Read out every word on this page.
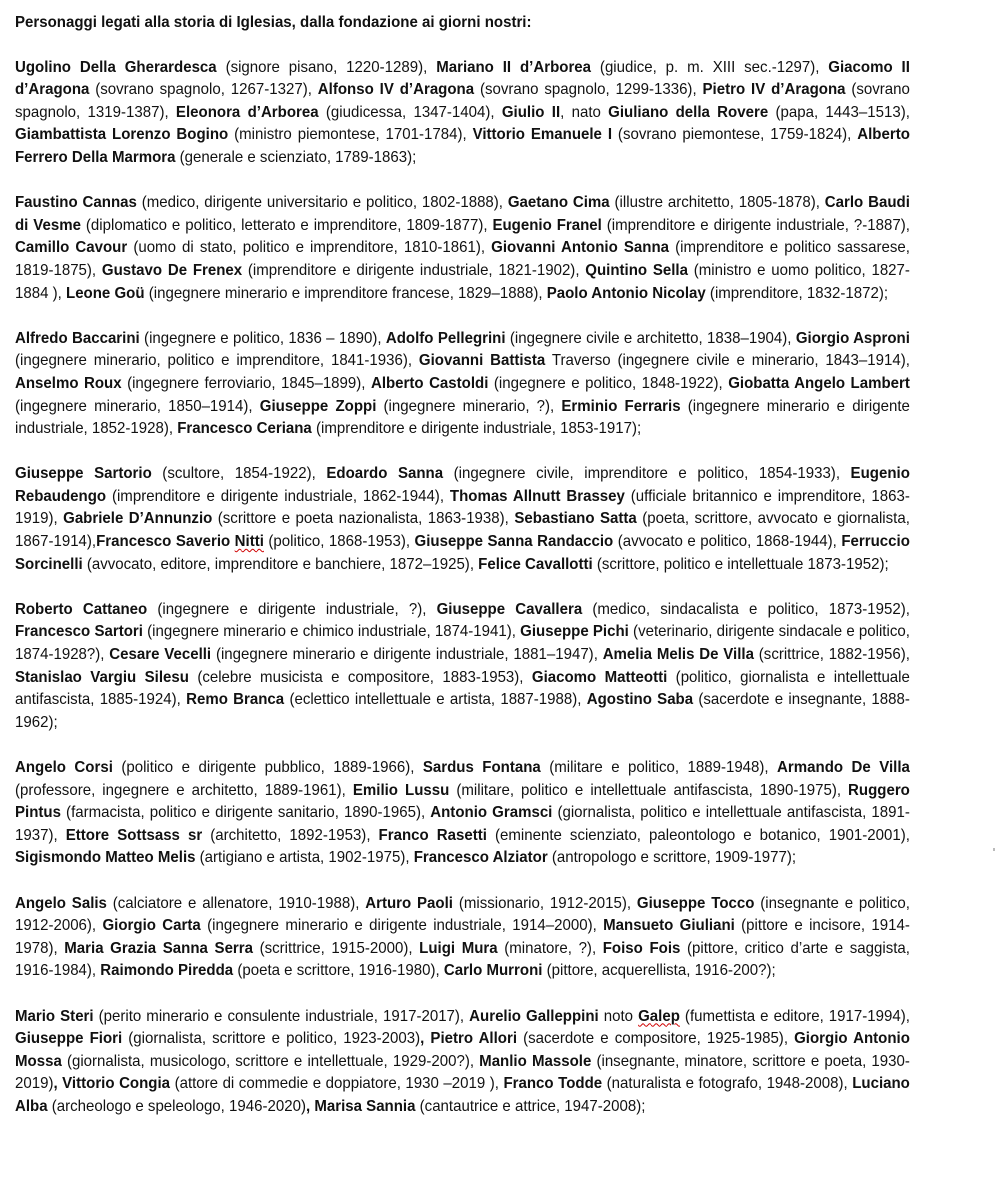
Personaggi legati alla storia di Iglesias, dalla fondazione ai giorni nostri:

Ugolino Della Gherardesca (signore pisano, 1220-1289), Mariano II d’Arborea (giudice, p. m. XIII sec.-1297), Giacomo II d’Aragona (sovrano spagnolo, 1267-1327), Alfonso IV d’Aragona (sovrano spagnolo, 1299-1336), Pietro IV d’Aragona (sovrano spagnolo, 1319-1387), Eleonora d’Arborea (giudicessa, 1347-1404), Giulio II, nato Giuliano della Rovere (papa, 1443–1513), Giambattista Lorenzo Bogino (ministro piemontese, 1701-1784), Vittorio Emanuele I (sovrano piemontese, 1759-1824), Alberto Ferrero Della Marmora (generale e scienziato, 1789-1863);

Faustino Cannas (medico, dirigente universitario e politico, 1802-1888), Gaetano Cima (illustre architetto, 1805-1878), Carlo Baudi di Vesme (diplomatico e politico, letterato e imprenditore, 1809-1877), Eugenio Franel (imprenditore e dirigente industriale, ?-1887), Camillo Cavour (uomo di stato, politico e imprenditore, 1810-1861), Giovanni Antonio Sanna (imprenditore e politico sassarese, 1819-1875), Gustavo De Frenex (imprenditore e dirigente industriale, 1821-1902), Quintino Sella (ministro e uomo politico, 1827-1884 ), Leone Goü (ingegnere minerario e imprenditore francese, 1829–1888), Paolo Antonio Nicolay (imprenditore, 1832-1872);

Alfredo Baccarini (ingegnere e politico, 1836 – 1890), Adolfo Pellegrini (ingegnere civile e architetto, 1838–1904), Giorgio Asproni (ingegnere minerario, politico e imprenditore, 1841-1936), Giovanni Battista Traverso (ingegnere civile e minerario, 1843–1914), Anselmo Roux (ingegnere ferroviario, 1845–1899), Alberto Castoldi (ingegnere e politico, 1848-1922), Giobatta Angelo Lambert (ingegnere minerario, 1850–1914), Giuseppe Zoppi (ingegnere minerario, ?), Erminio Ferraris (ingegnere minerario e dirigente industriale, 1852-1928), Francesco Ceriana (imprenditore e dirigente industriale, 1853-1917);

Giuseppe Sartorio (scultore, 1854-1922), Edoardo Sanna (ingegnere civile, imprenditore e politico, 1854-1933), Eugenio Rebaudengo (imprenditore e dirigente industriale, 1862-1944), Thomas Allnutt Brassey (ufficiale britannico e imprenditore, 1863-1919), Gabriele D’Annunzio (scrittore e poeta nazionalista, 1863-1938), Sebastiano Satta (poeta, scrittore, avvocato e giornalista, 1867-1914),Francesco Saverio Nitti (politico, 1868-1953), Giuseppe Sanna Randaccio (avvocato e politico, 1868-1944), Ferruccio Sorcinelli (avvocato, editore, imprenditore e banchiere, 1872–1925), Felice Cavallotti (scrittore, politico e intellettuale 1873-1952);

Roberto Cattaneo (ingegnere e dirigente industriale, ?), Giuseppe Cavallera (medico, sindacalista e politico, 1873-1952), Francesco Sartori (ingegnere minerario e chimico industriale, 1874-1941), Giuseppe Pichi (veterinario, dirigente sindacale e politico, 1874-1928?), Cesare Vecelli (ingegnere minerario e dirigente industriale, 1881–1947), Amelia Melis De Villa (scrittrice, 1882-1956), Stanislao Vargiu Silesu (celebre musicista e compositore, 1883-1953), Giacomo Matteotti (politico, giornalista e intellettuale antifascista, 1885-1924), Remo Branca (eclettico intellettuale e artista, 1887-1988), Agostino Saba (sacerdote e insegnante, 1888-1962);

Angelo Corsi (politico e dirigente pubblico, 1889-1966), Sardus Fontana (militare e politico, 1889-1948), Armando De Villa (professore, ingegnere e architetto, 1889-1961), Emilio Lussu (militare, politico e intellettuale antifascista, 1890-1975), Ruggero Pintus (farmacista, politico e dirigente sanitario, 1890-1965), Antonio Gramsci (giornalista, politico e intellettuale antifascista, 1891-1937), Ettore Sottsass sr (architetto, 1892-1953), Franco Rasetti (eminente scienziato, paleontologo e botanico, 1901-2001), Sigismondo Matteo Melis (artigiano e artista, 1902-1975), Francesco Alziator (antropologo e scrittore, 1909-1977);

Angelo Salis (calciatore e allenatore, 1910-1988), Arturo Paoli (missionario, 1912-2015), Giuseppe Tocco (insegnante e politico, 1912-2006), Giorgio Carta (ingegnere minerario e dirigente industriale, 1914–2000), Mansueto Giuliani (pittore e incisore, 1914-1978), Maria Grazia Sanna Serra (scrittrice, 1915-2000), Luigi Mura (minatore, ?), Foiso Fois (pittore, critico d’arte e saggista, 1916-1984), Raimondo Piredda (poeta e scrittore, 1916-1980), Carlo Murroni (pittore, acquerellista, 1916-200?);

Mario Steri (perito minerario e consulente industriale, 1917-2017), Aurelio Galleppini noto Galep (fumettista e editore, 1917-1994), Giuseppe Fiori (giornalista, scrittore e politico, 1923-2003), Pietro Allori (sacerdote e compositore, 1925-1985), Giorgio Antonio Mossa (giornalista, musicologo, scrittore e intellettuale, 1929-200?), Manlio Massole (insegnante, minatore, scrittore e poeta, 1930-2019), Vittorio Congia (attore di commedie e doppiatore, 1930 –2019 ), Franco Todde (naturalista e fotografo, 1948-2008), Luciano Alba (archeologo e speleologo, 1946-2020), Marisa Sannia (cantautrice e attrice, 1947-2008);
